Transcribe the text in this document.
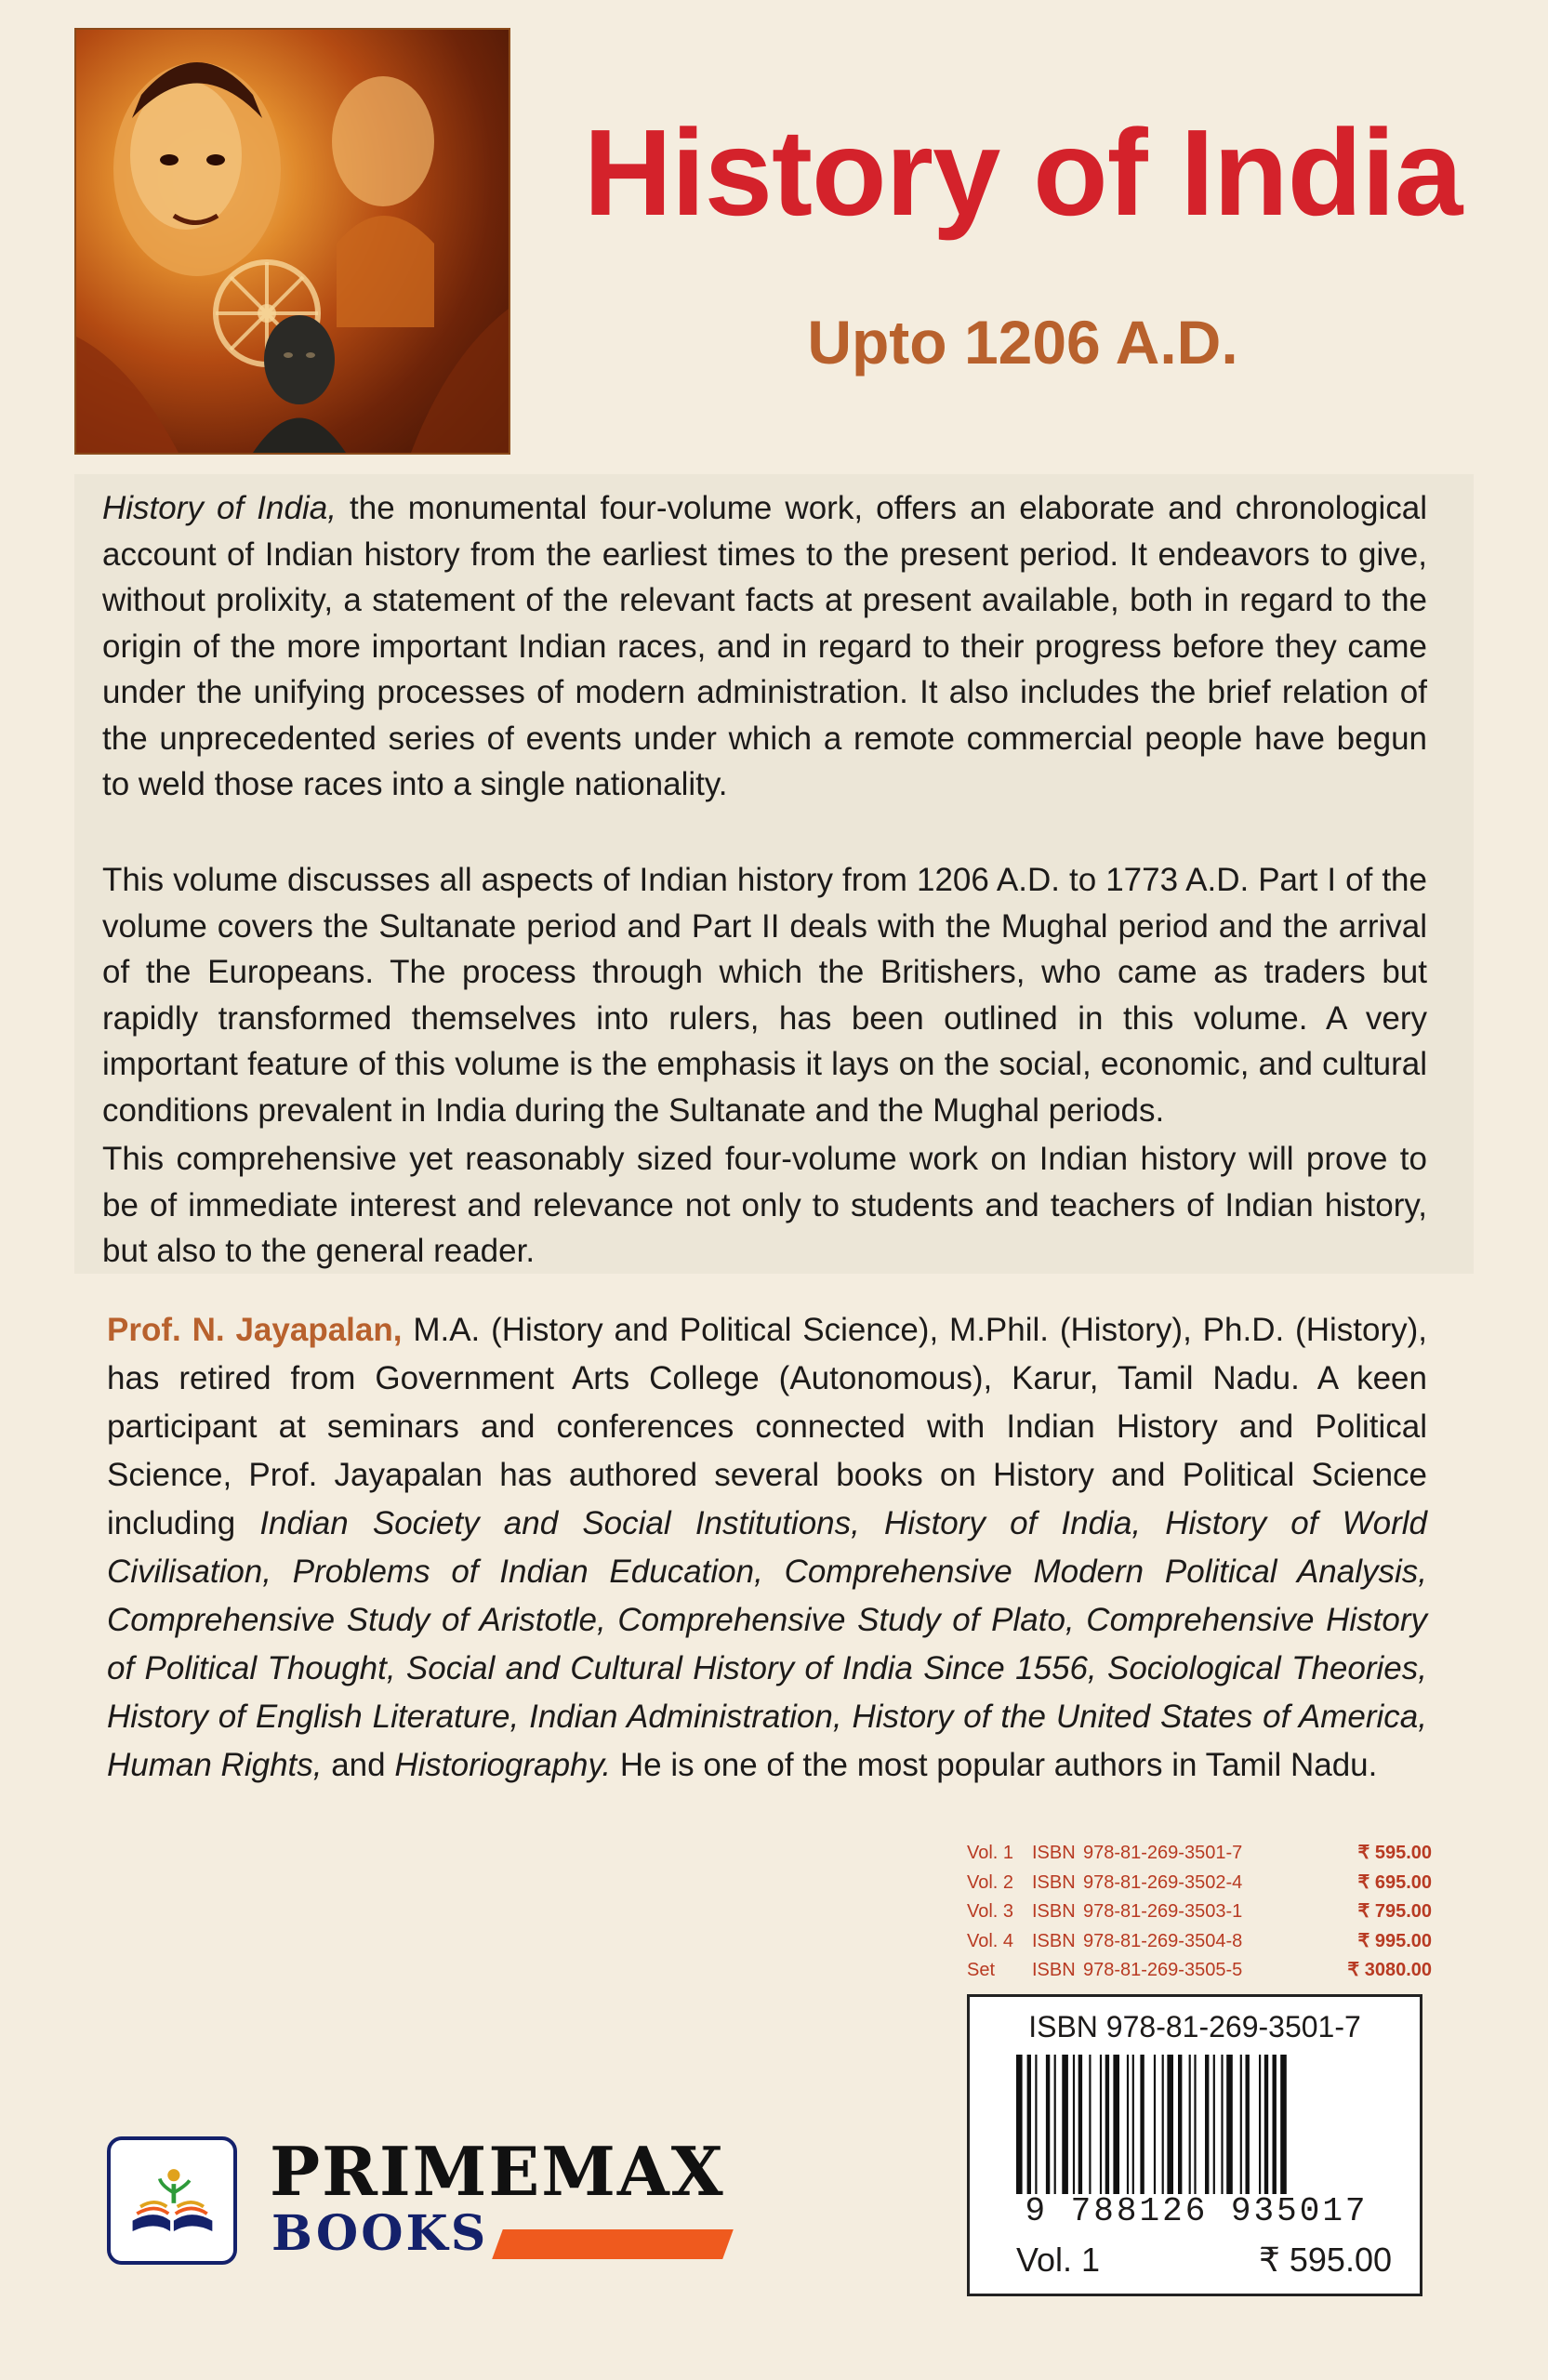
History of India
Upto 1206 A.D.

History of India, the monumental four-volume work, offers an elaborate and chronological account of Indian history from the earliest times to the present period. It endeavors to give, without prolixity, a statement of the relevant facts at present available, both in regard to the origin of the more important Indian races, and in regard to their progress before they came under the unifying processes of modern administration. It also includes the brief relation of the unprecedented series of events under which a remote commercial people have begun to weld those races into a single nationality.

This volume discusses all aspects of Indian history from 1206 A.D. to 1773 A.D. Part I of the volume covers the Sultanate period and Part II deals with the Mughal period and the arrival of the Europeans. The process through which the Britishers, who came as traders but rapidly transformed themselves into rulers, has been outlined in this volume. A very important feature of this volume is the emphasis it lays on the social, economic, and cultural conditions prevalent in India during the Sultanate and the Mughal periods.

This comprehensive yet reasonably sized four-volume work on Indian history will prove to be of immediate interest and relevance not only to students and teachers of Indian history, but also to the general reader.

Prof. N. Jayapalan, M.A. (History and Political Science), M.Phil. (History), Ph.D. (History), has retired from Government Arts College (Autonomous), Karur, Tamil Nadu. A keen participant at seminars and conferences connected with Indian History and Political Science, Prof. Jayapalan has authored several books on History and Political Science including Indian Society and Social Institutions, History of India, History of World Civilisation, Problems of Indian Education, Comprehensive Modern Political Analysis, Comprehensive Study of Aristotle, Comprehensive Study of Plato, Comprehensive History of Political Thought, Social and Cultural History of India Since 1556, Sociological Theories, History of English Literature, Indian Administration, History of the United States of America, Human Rights, and Historiography. He is one of the most popular authors in Tamil Nadu.

Vol. 1 ISBN 978-81-269-3501-7	₹ 595.00
Vol. 2 ISBN 978-81-269-3502-4	₹ 695.00
Vol. 3 ISBN 978-81-269-3503-1	₹ 795.00
Vol. 4 ISBN 978-81-269-3504-8	₹ 995.00
Set	ISBN 978-81-269-3505-5	₹ 3080.00
ISBN 978-81-269-3501-7
9 788126 935017
Vol. 1	₹ 595.00
PRIMEMAX
BOOKS
